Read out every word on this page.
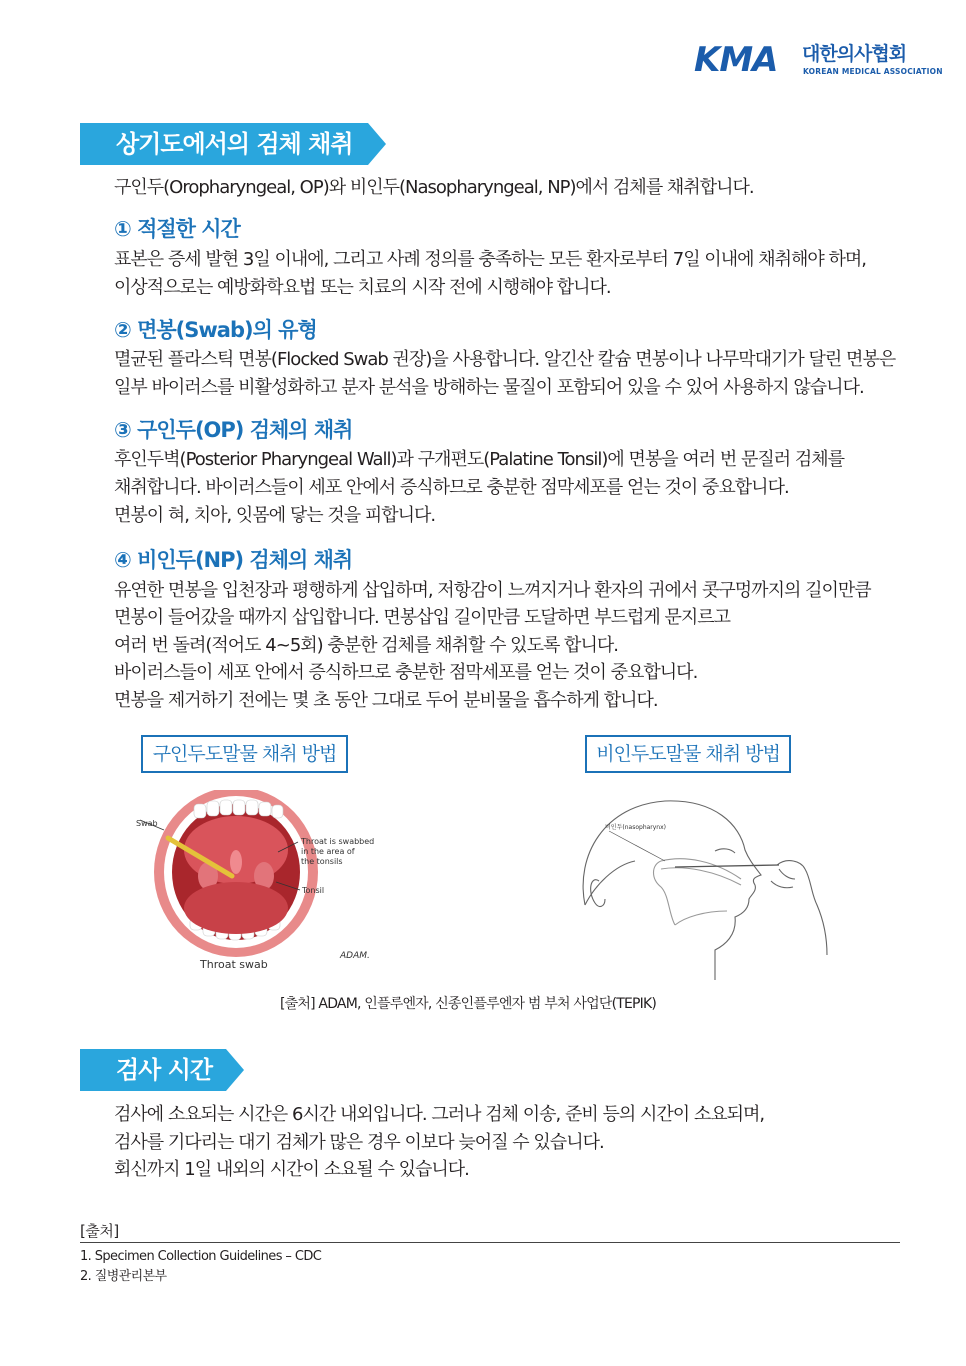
KMA 대한의사협회
KOREAN MEDICAL ASSOCIATION
상기도에서의 검체 채취
구인두(Oropharyngeal, OP)와 비인두(Nasopharyngeal, NP)에서 검체를 채취합니다.
① 적절한 시간
표본은 증세 발현 3일 이내에, 그리고 사례 정의를 충족하는 모든 환자로부터 7일 이내에 채취해야 하며,
이상적으로는 예방화학요법 또는 치료의 시작 전에 시행해야 합니다.
② 면봉(Swab)의 유형
멸균된 플라스틱 면봉(Flocked Swab 권장)을 사용합니다. 알긴산 칼슘 면봉이나 나무막대기가 달린 면봉은
일부 바이러스를 비활성화하고 분자 분석을 방해하는 물질이 포함되어 있을 수 있어 사용하지 않습니다.
③ 구인두(OP) 검체의 채취
후인두벽(Posterior Pharyngeal Wall)과 구개편도(Palatine Tonsil)에 면봉을 여러 번 문질러 검체를
채취합니다. 바이러스들이 세포 안에서 증식하므로 충분한 점막세포를 얻는 것이 중요합니다.
면봉이 혀, 치아, 잇몸에 닿는 것을 피합니다.
④ 비인두(NP) 검체의 채취
유연한 면봉을 입천장과 평행하게 삽입하며, 저항감이 느껴지거나 환자의 귀에서 콧구멍까지의 길이만큼
면봉이 들어갔을 때까지 삽입합니다. 면봉삽입 길이만큼 도달하면 부드럽게 문지르고
여러 번 돌려(적어도 4~5회) 충분한 검체를 채취할 수 있도록 합니다.
바이러스들이 세포 안에서 증식하므로 충분한 점막세포를 얻는 것이 중요합니다.
면봉을 제거하기 전에는 몇 초 동안 그대로 두어 분비물을 흡수하게 합니다.
구인두도말물 채취 방법	비인두도말물 채취 방법
Swab
Throat is swabbed
in the area of
the tonsils
Tonsil
Throat swab
ADAM.
비인두(nasopharynx)
[출처] ADAM, 인플루엔자, 신종인플루엔자 범 부처 사업단(TEPIK)
검사 시간
검사에 소요되는 시간은 6시간 내외입니다. 그러나 검체 이송, 준비 등의 시간이 소요되며,
검사를 기다리는 대기 검체가 많은 경우 이보다 늦어질 수 있습니다.
회신까지 1일 내외의 시간이 소요될 수 있습니다.
[출처]
1. Specimen Collection Guidelines – CDC
2. 질병관리본부
